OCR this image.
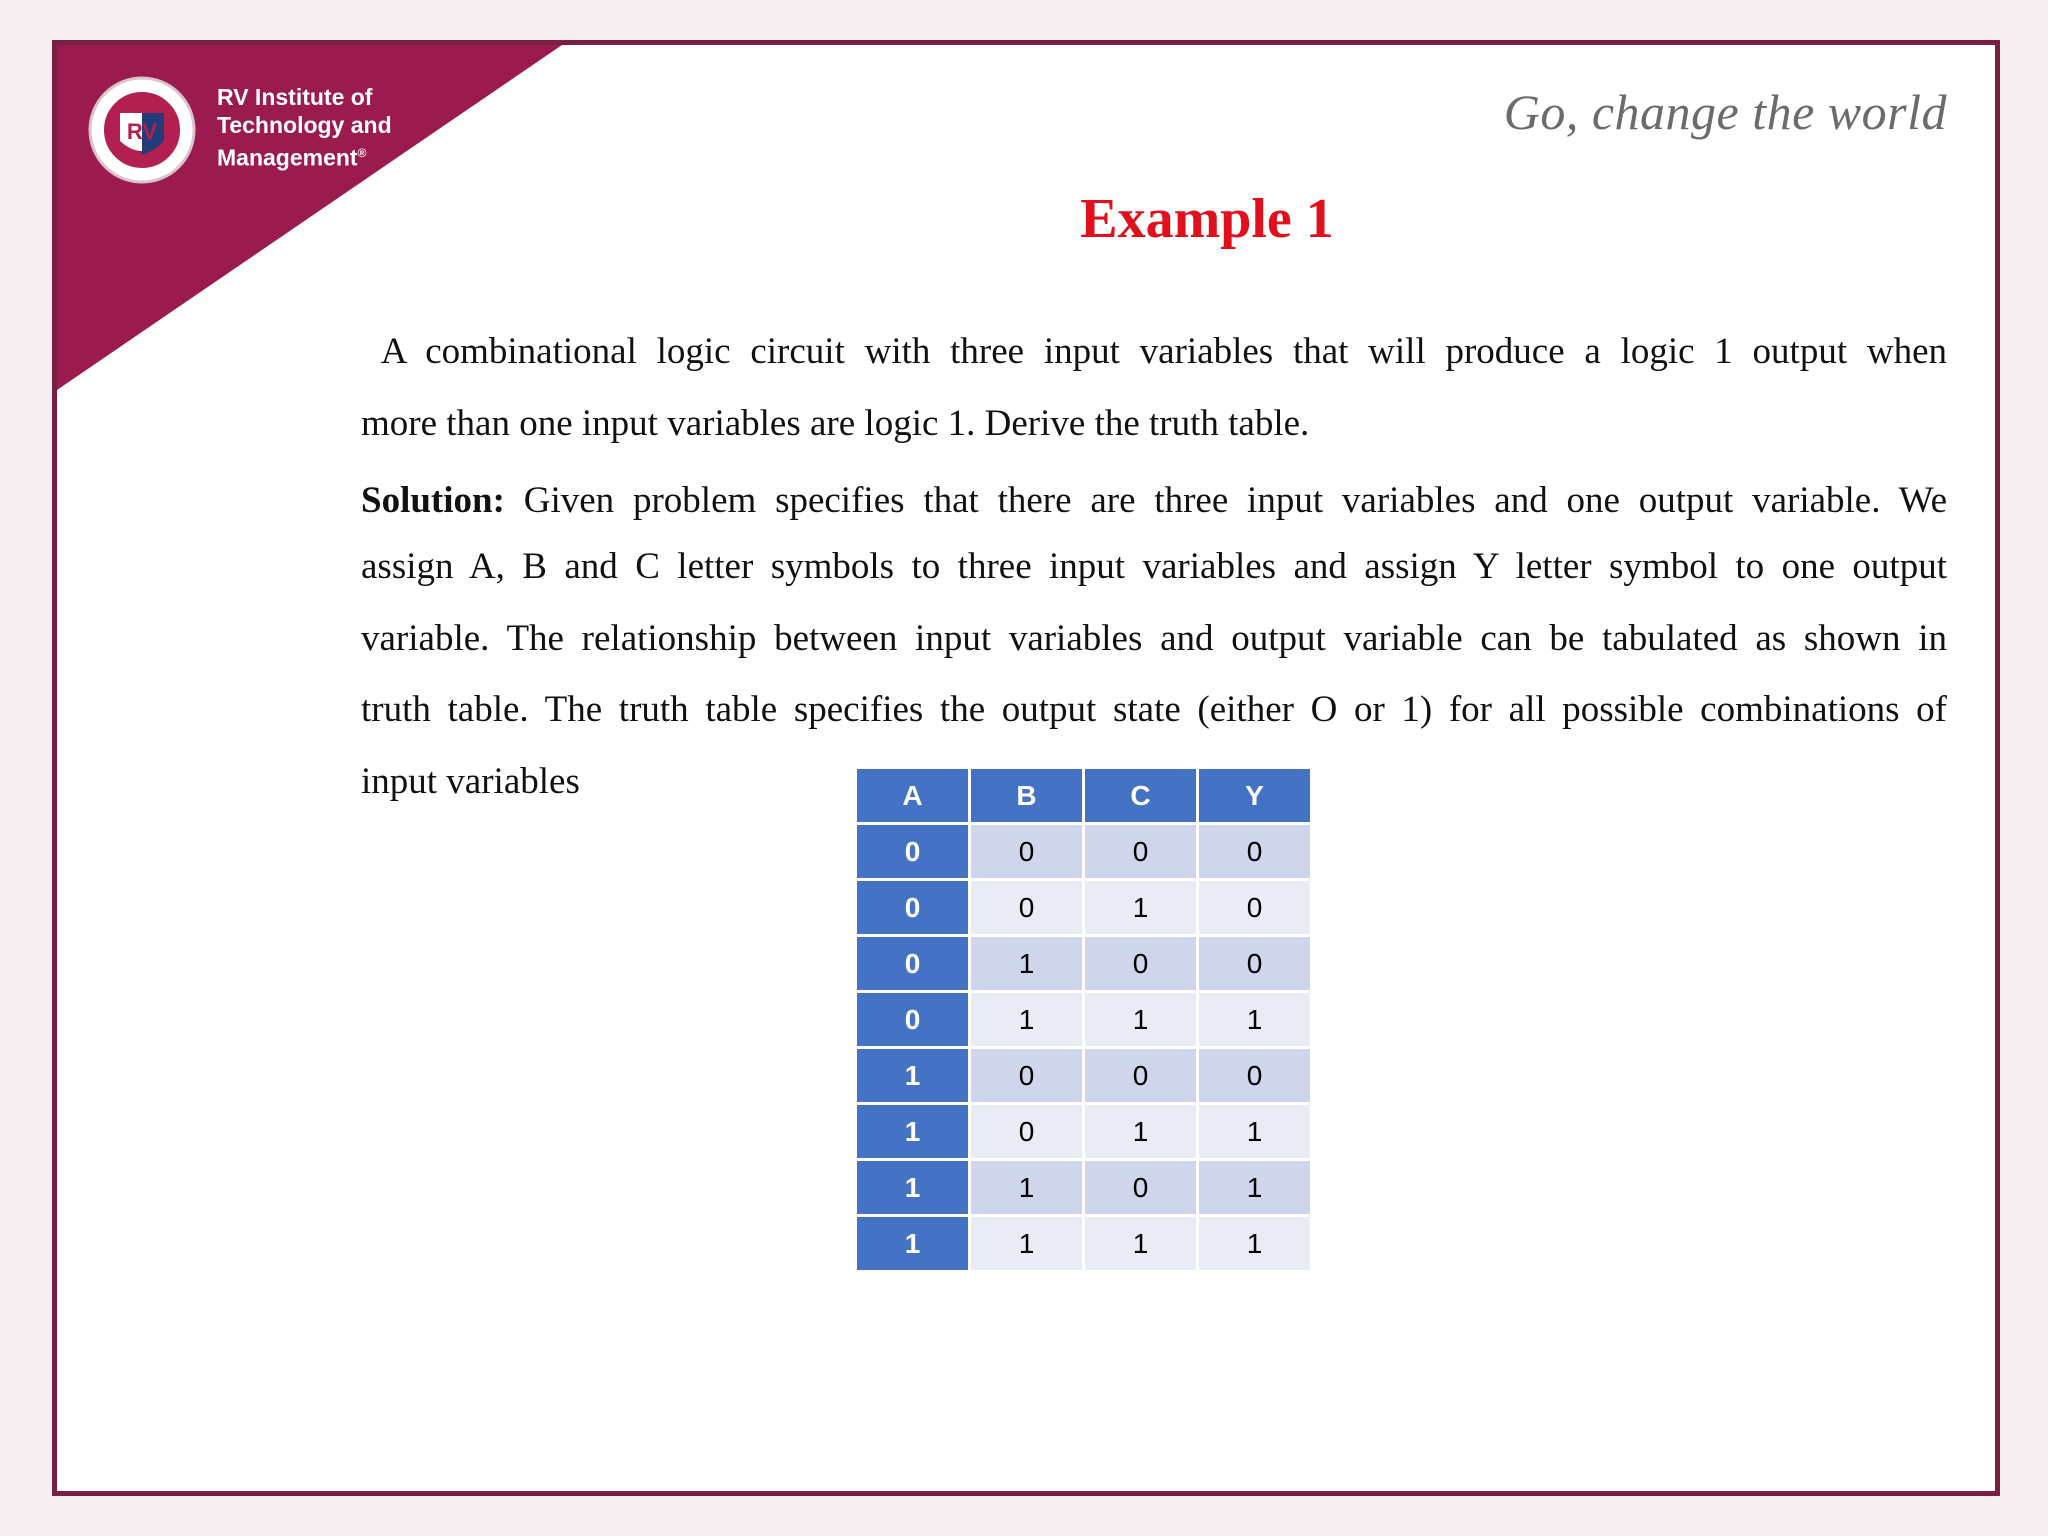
RV
RV Institute of
Technology and
Management®
Go, change the world
Example 1
A combinational logic circuit with three input variables that will produce a logic 1 output when
more than one input variables are logic 1. Derive the truth table.
Solution: Given problem specifies that there are three input variables and one output variable. We
assign A, B and C letter symbols to three input variables and assign Y letter symbol to one output
variable. The relationship between input variables and output variable can be tabulated as shown in
truth table. The truth table specifies the output state (either O or 1) for all possible combinations of
input variables	A	B	C	Y
0	0	0	0
0	0	1	0
0	1	0	0
0	1	1	1
1	0	0	0
1	0	1	1
1	1	0	1
1	1	1	1
